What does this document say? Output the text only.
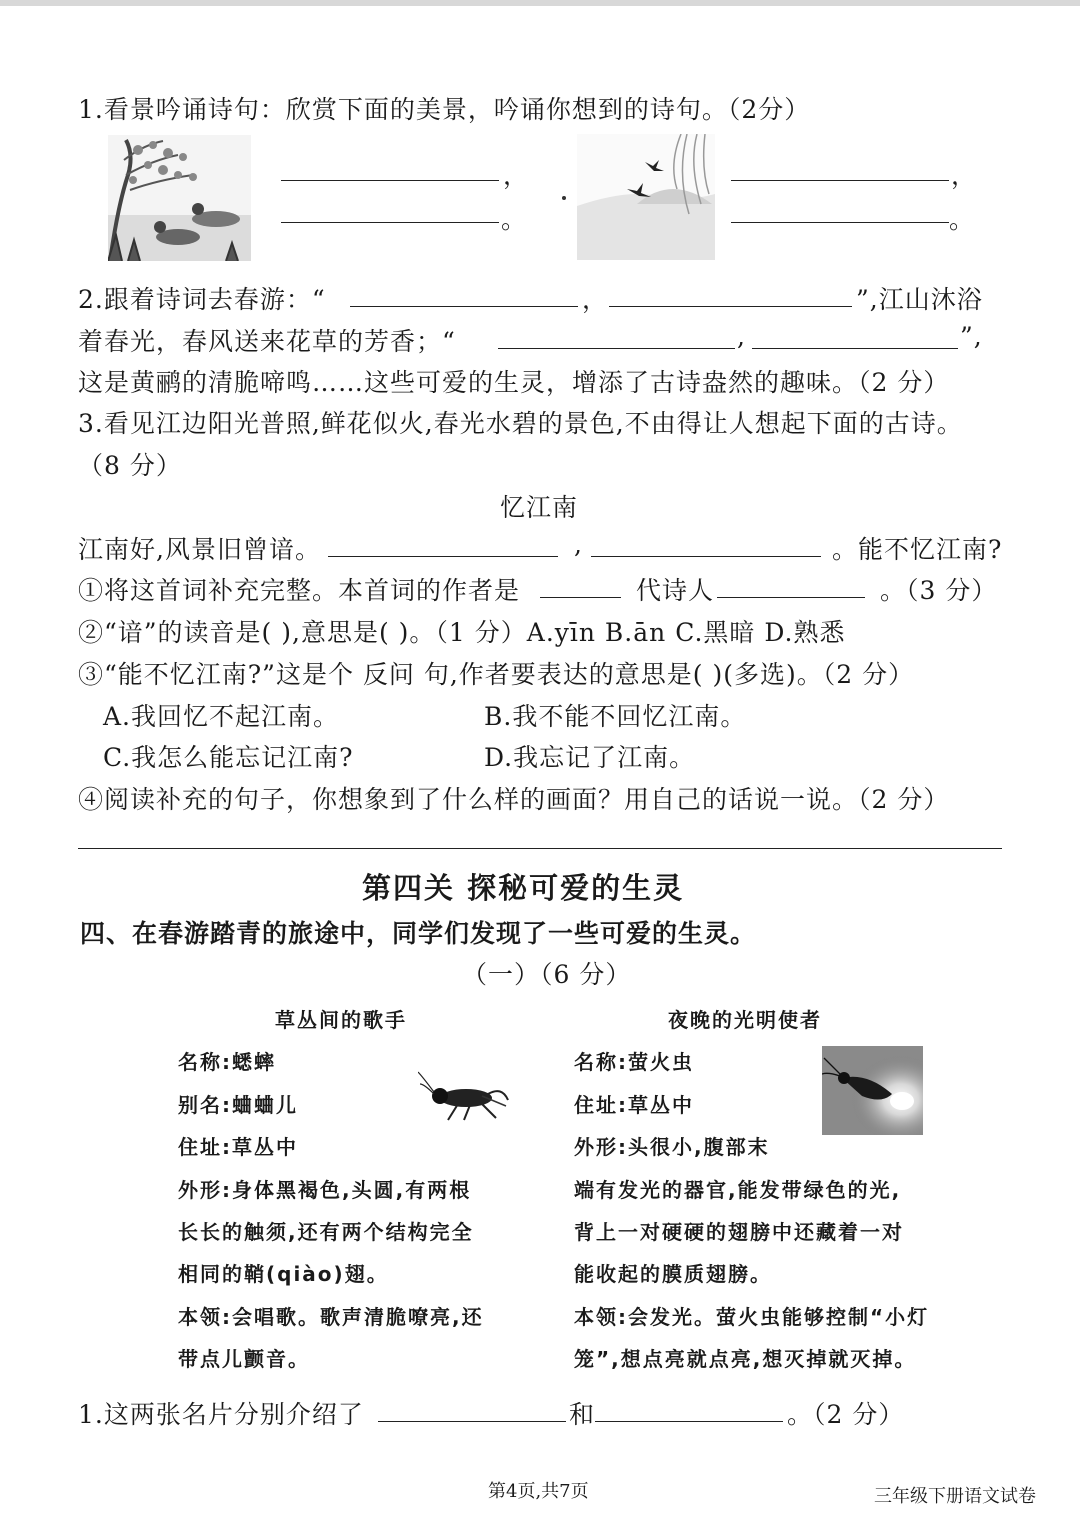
1.看景吟诵诗句：欣赏下面的美景，吟诵你想到的诗句。（2分）
，
。
，
。
2.跟着诗词去春游：“	，	”,江山沐浴
着春光，春风送来花草的芳香；“	,	”,
这是黄鹂的清脆啼鸣……这些可爱的生灵，增添了古诗盎然的趣味。（2 分）
3.看见江边阳光普照,鲜花似火,春光水碧的景色,不由得让人想起下面的古诗。
（8 分）
忆江南
江南好,风景旧曾谙。	,	。能不忆江南?
①将这首词补充完整。本首词的作者是	代诗人	。（3 分）
②“谙”的读音是( ),意思是( )。（1 分）A.yīn B.ān C.黑暗 D.熟悉
③“能不忆江南?”这是个 反问 句,作者要表达的意思是( )(多选)。（2 分）
A.我回忆不起江南。	B.我不能不回忆江南。
C.我怎么能忘记江南?	D.我忘记了江南。
④阅读补充的句子，你想象到了什么样的画面？用自己的话说一说。（2 分）
第四关 探秘可爱的生灵
四、在春游踏青的旅途中，同学们发现了一些可爱的生灵。
（一）（6 分）
草丛间的歌手
名称:蟋蟀
别名:蛐蛐儿
住址:草丛中
外形:身体黑褐色,头圆,有两根
长长的触须,还有两个结构完全
相同的鞘(qiào)翅。
本领:会唱歌。歌声清脆嘹亮,还
带点儿颤音。
夜晚的光明使者
名称:萤火虫
住址:草丛中
外形:头很小,腹部末
端有发光的器官,能发带绿色的光,
背上一对硬硬的翅膀中还藏着一对
能收起的膜质翅膀。
本领:会发光。萤火虫能够控制“小灯
笼”,想点亮就点亮,想灭掉就灭掉。
1.这两张名片分别介绍了	和	。（2 分）
第4页,共7页	三年级下册语文试卷
